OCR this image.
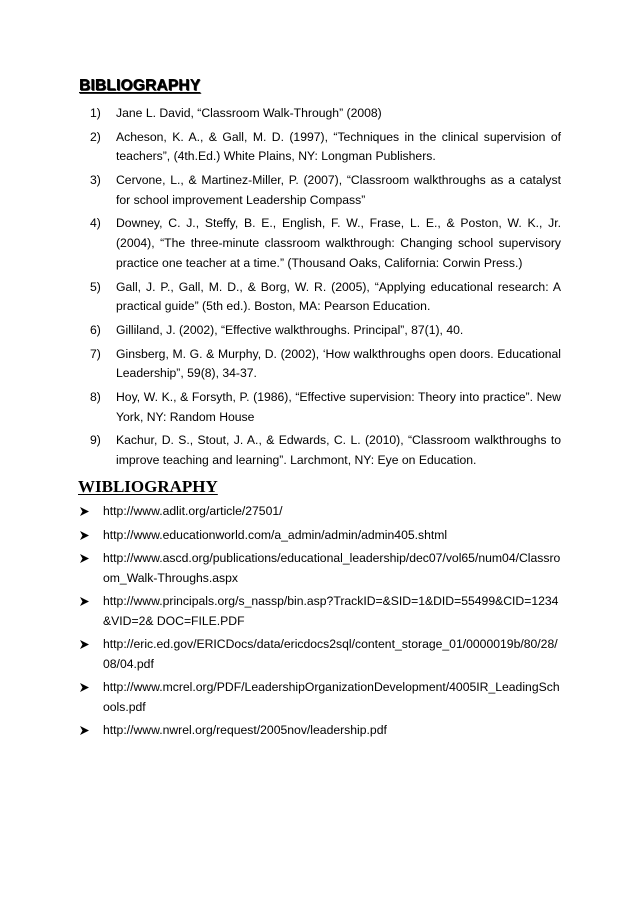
BIBLIOGRAPHY
1) Jane L. David, “Classroom Walk-Through” (2008)
2) Acheson, K. A., & Gall, M. D. (1997), “Techniques in the clinical supervision of teachers”, (4th.Ed.) White Plains, NY: Longman Publishers.
3) Cervone, L., & Martinez-Miller, P. (2007), “Classroom walkthroughs as a catalyst for school improvement Leadership Compass”
4) Downey, C. J., Steffy, B. E., English, F. W., Frase, L. E., & Poston, W. K., Jr. (2004), “The three-minute classroom walkthrough: Changing school supervisory practice one teacher at a time.” (Thousand Oaks, California: Corwin Press.)
5) Gall, J. P., Gall, M. D., & Borg, W. R. (2005), “Applying educational research: A practical guide” (5th ed.). Boston, MA: Pearson Education.
6) Gilliland, J. (2002), “Effective walkthroughs. Principal”, 87(1), 40.
7) Ginsberg, M. G. & Murphy, D. (2002), ‘How walkthroughs open doors. Educational Leadership”, 59(8), 34-37.
8) Hoy, W. K., & Forsyth, P. (1986), “Effective supervision: Theory into practice”. New York, NY: Random House
9) Kachur, D. S., Stout, J. A., & Edwards, C. L. (2010), “Classroom walkthroughs to improve teaching and learning”. Larchmont, NY: Eye on Education.
WIBLIOGRAPHY
http://www.adlit.org/article/27501/
http://www.educationworld.com/a_admin/admin/admin405.shtml
http://www.ascd.org/publications/educational_leadership/dec07/vol65/num04/Classroom_Walk-Throughs.aspx
http://www.principals.org/s_nassp/bin.asp?TrackID=&SID=1&DID=55499&CID=1234&VID=2& DOC=FILE.PDF
http://eric.ed.gov/ERICDocs/data/ericdocs2sql/content_storage_01/0000019b/80/28/08/04.pdf
http://www.mcrel.org/PDF/LeadershipOrganizationDevelopment/4005IR_LeadingSchools.pdf
http://www.nwrel.org/request/2005nov/leadership.pdf
